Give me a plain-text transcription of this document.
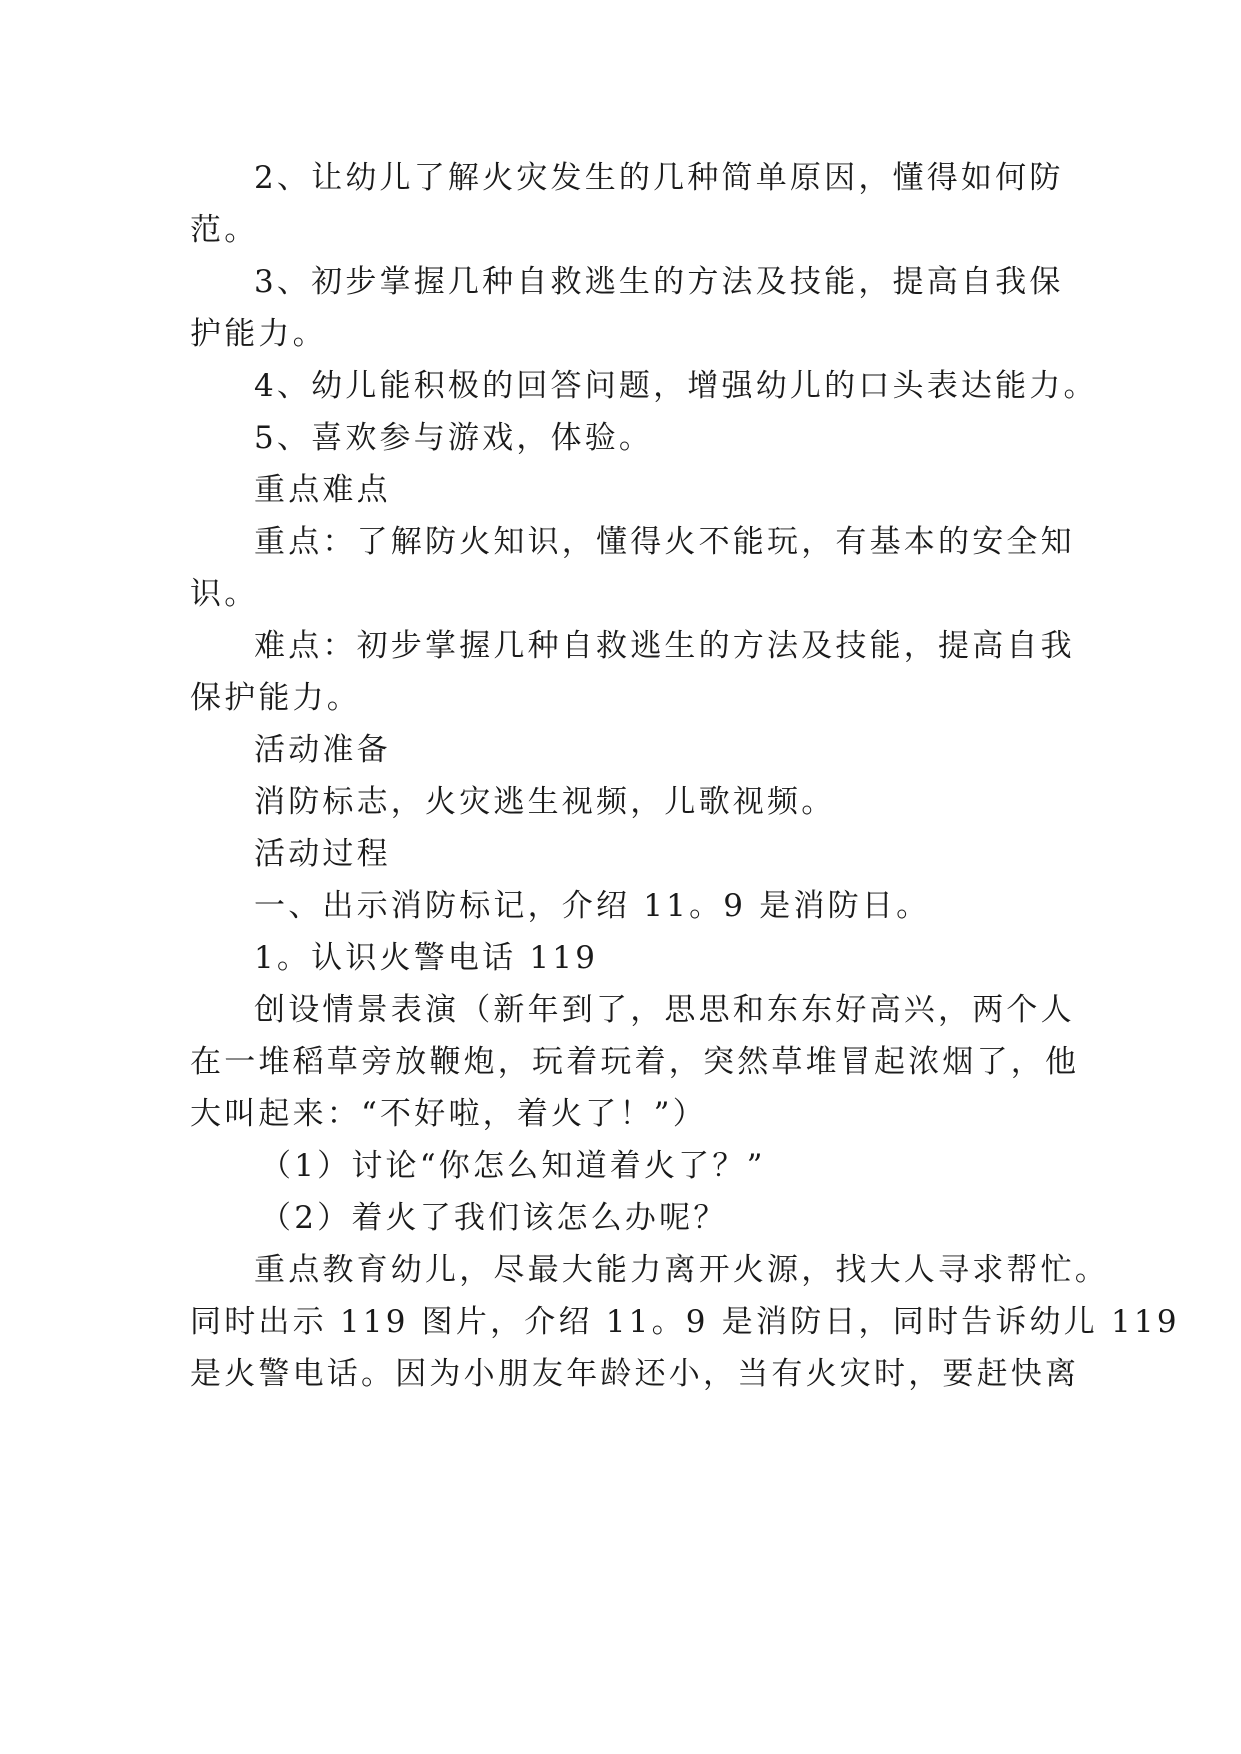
2、让幼儿了解火灾发生的几种简单原因，懂得如何防
范。
3、初步掌握几种自救逃生的方法及技能，提高自我保
护能力。
4、幼儿能积极的回答问题，增强幼儿的口头表达能力。
5、喜欢参与游戏，体验。
重点难点
重点：了解防火知识，懂得火不能玩，有基本的安全知
识。
难点：初步掌握几种自救逃生的方法及技能，提高自我
保护能力。
活动准备
消防标志，火灾逃生视频，儿歌视频。
活动过程
一、出示消防标记，介绍 11。9 是消防日。
1。认识火警电话 119
创设情景表演（新年到了，思思和东东好高兴，两个人
在一堆稻草旁放鞭炮，玩着玩着，突然草堆冒起浓烟了，他
大叫起来：“不好啦，着火了！”）
（1）讨论“你怎么知道着火了？”
（2）着火了我们该怎么办呢？
重点教育幼儿，尽最大能力离开火源，找大人寻求帮忙。
同时出示 119 图片，介绍 11。9 是消防日，同时告诉幼儿 119
是火警电话。因为小朋友年龄还小，当有火灾时，要赶快离
